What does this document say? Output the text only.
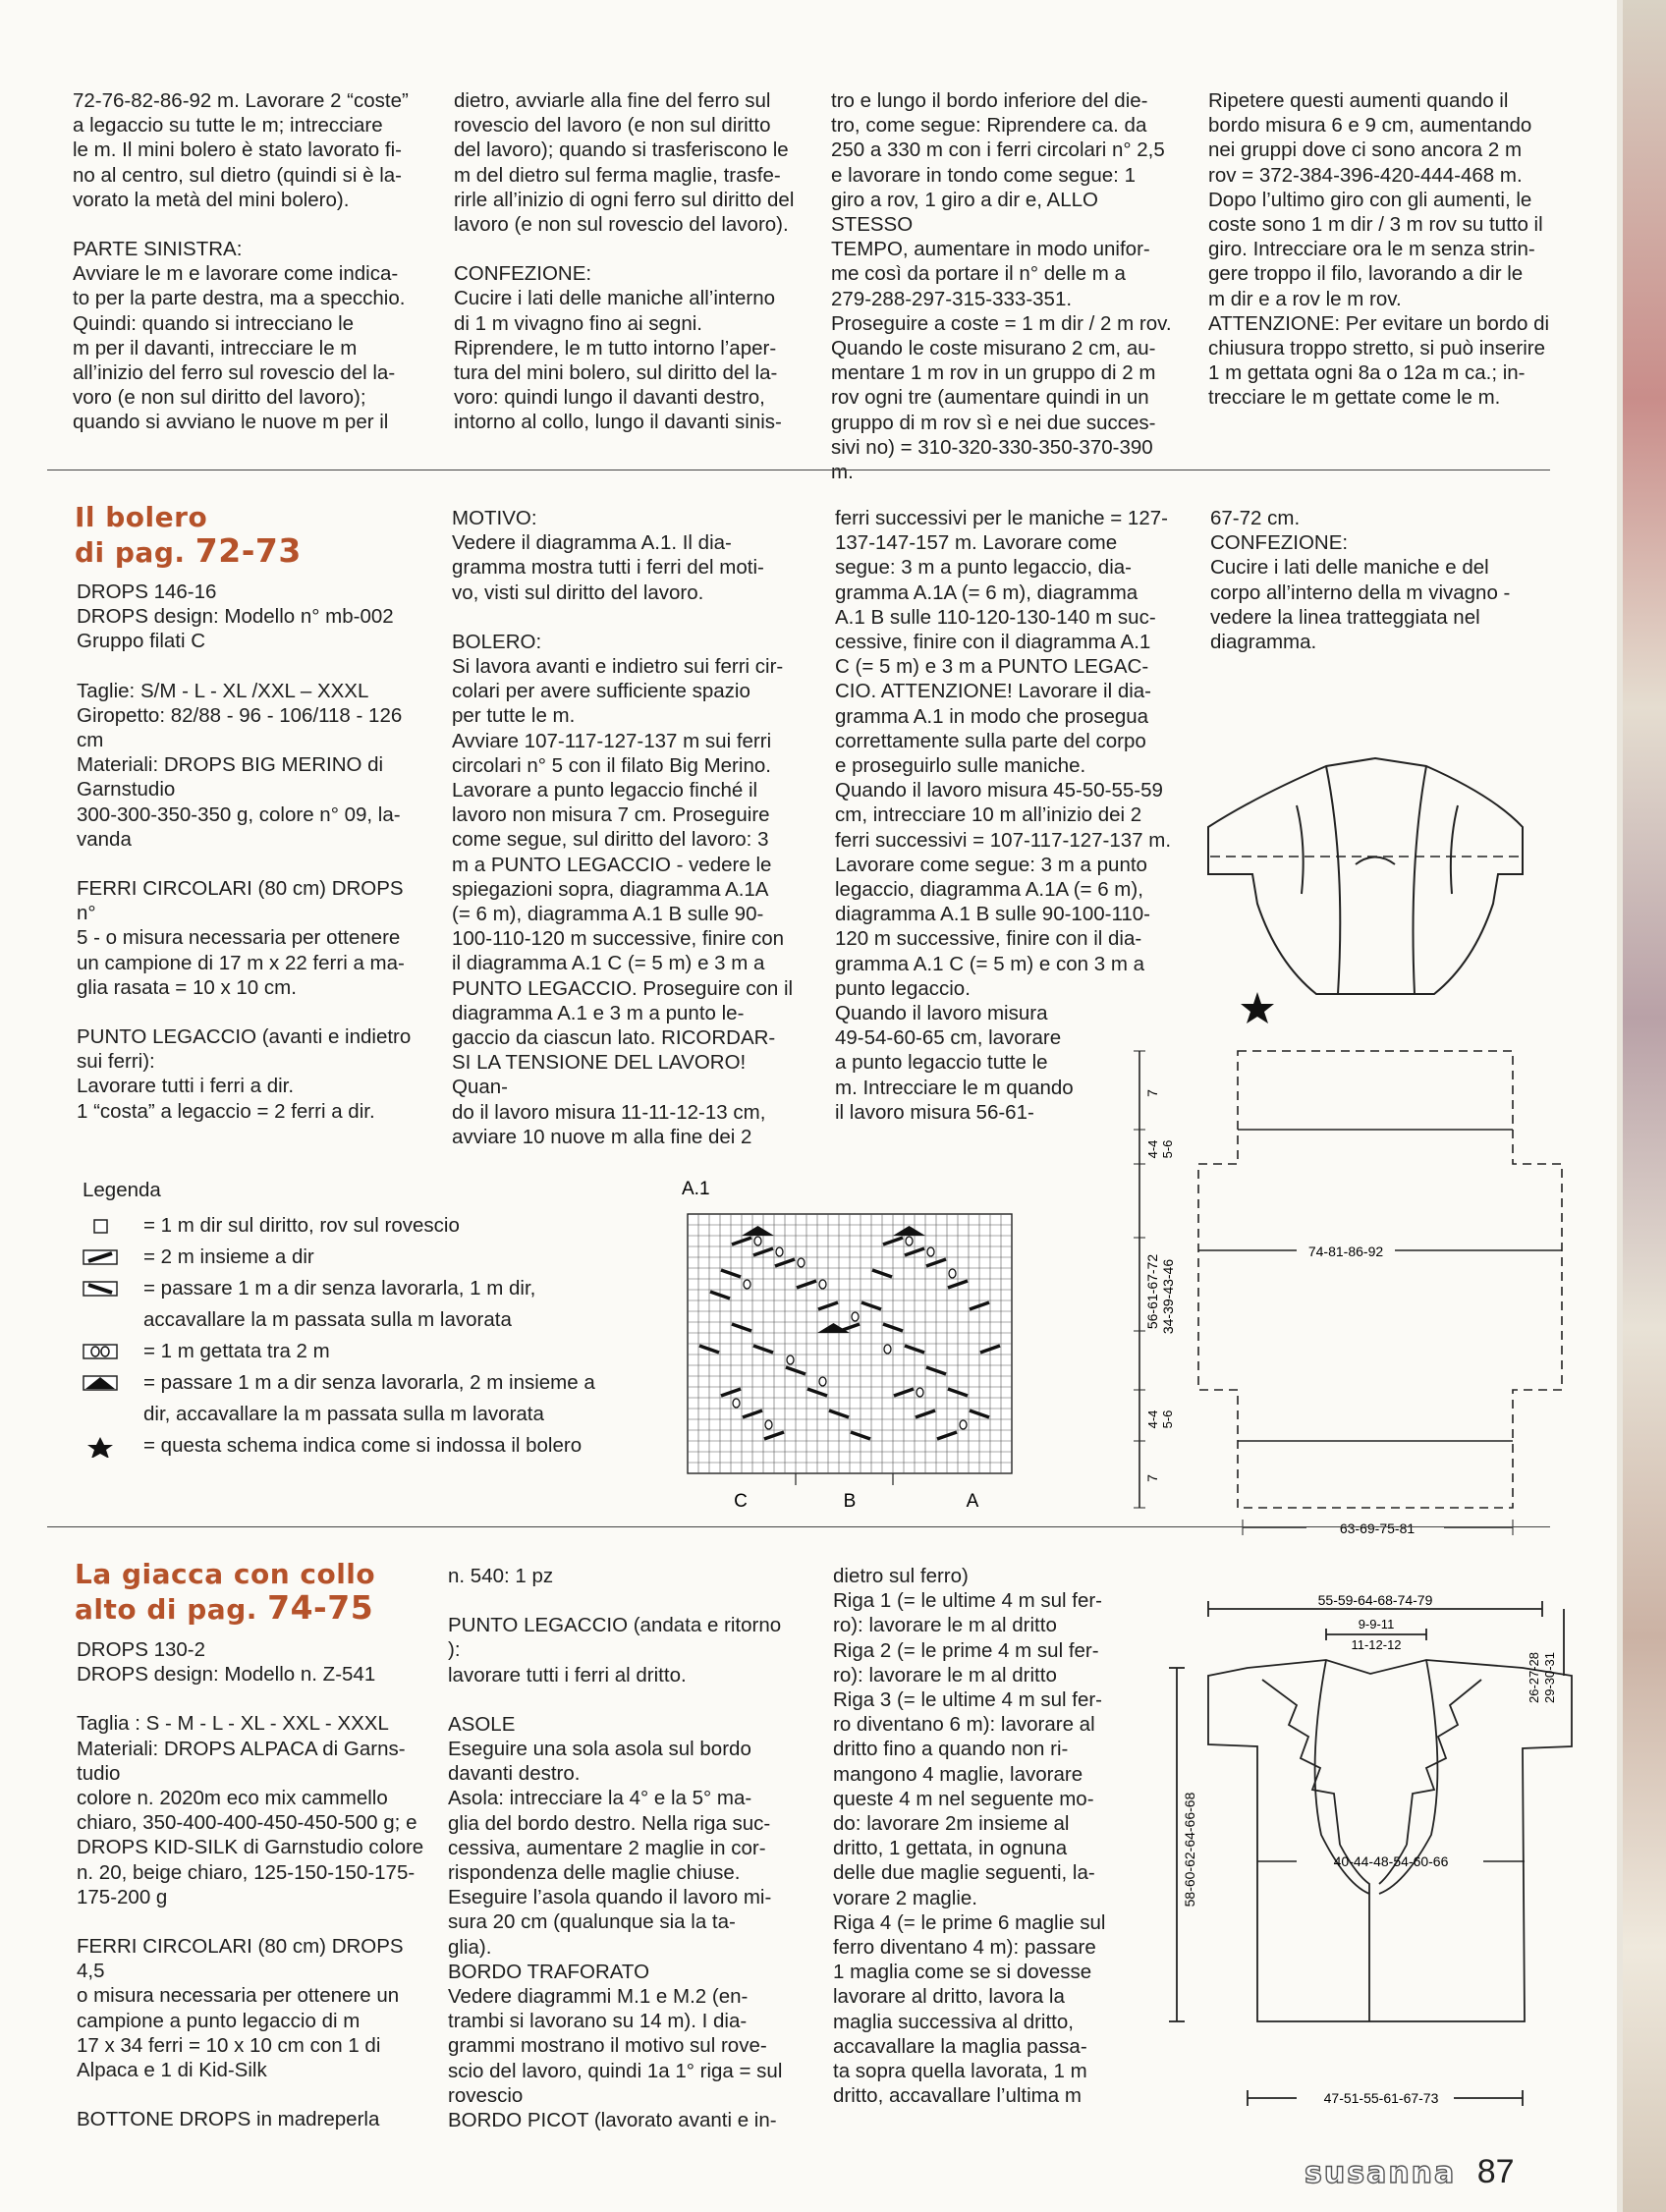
72-76-82-86-92 m. Lavorare 2 “coste”

a legaccio su tutte le m; intrecciare

le m. Il mini bolero è stato lavorato fi-

no al centro, sul dietro (quindi si è la-

vorato la metà del mini bolero).

PARTE SINISTRA:

Avviare le m e lavorare come indica-

to per la parte destra, ma a specchio.

Quindi: quando si intrecciano le

m per il davanti, intrecciare le m

all’inizio del ferro sul rovescio del la-

voro (e non sul diritto del lavoro);

quando si avviano le nuove m per il

dietro, avviarle alla fine del ferro sul

rovescio del lavoro (e non sul diritto

del lavoro); quando si trasferiscono le

m del dietro sul ferma maglie, trasfe-

rirle all’inizio di ogni ferro sul diritto del

lavoro (e non sul rovescio del lavoro).

CONFEZIONE:

Cucire i lati delle maniche all’interno

di 1 m vivagno fino ai segni.

Riprendere, le m tutto intorno l’aper-

tura del mini bolero, sul diritto del la-

voro: quindi lungo il davanti destro,

intorno al collo, lungo il davanti sinis-

tro e lungo il bordo inferiore del die-

tro, come segue: Riprendere ca. da

250 a 330 m con i ferri circolari n° 2,5

e lavorare in tondo come segue: 1

giro a rov, 1 giro a dir e, ALLO STESSO

TEMPO, aumentare in modo unifor-

me così da portare il n° delle m a

279-288-297-315-333-351.

Proseguire a coste = 1 m dir / 2 m rov.

Quando le coste misurano 2 cm, au-

mentare 1 m rov in un gruppo di 2 m

rov ogni tre (aumentare quindi in un

gruppo di m rov sì e nei due succes-

sivi no) = 310-320-330-350-370-390 m.

Ripetere questi aumenti quando il

bordo misura 6 e 9 cm, aumentando

nei gruppi dove ci sono ancora 2 m

rov = 372-384-396-420-444-468 m.

Dopo l’ultimo giro con gli aumenti, le

coste sono 1 m dir / 3 m rov su tutto il

giro. Intrecciare ora le m senza strin-

gere troppo il filo, lavorando a dir le

m dir e a rov le m rov.

ATTENZIONE: Per evitare un bordo di

chiusura troppo stretto, si può inserire

1 m gettata ogni 8a o 12a m ca.; in-

trecciare le m gettate come le m.

Il bolero
di pag. 72-73

DROPS 146-16

DROPS design: Modello n° mb-002

Gruppo filati C

Taglie: S/M - L - XL /XXL – XXXL

Giropetto: 82/88 - 96 - 106/118 - 126

cm

Materiali: DROPS BIG MERINO di

Garnstudio

300-300-350-350 g, colore n° 09, la-

vanda

FERRI CIRCOLARI (80 cm) DROPS n°

5 - o misura necessaria per ottenere

un campione di 17 m x 22 ferri a ma-

glia rasata = 10 x 10 cm.

PUNTO LEGACCIO (avanti e indietro

sui ferri):

Lavorare tutti i ferri a dir.

1 “costa” a legaccio = 2 ferri a dir.

MOTIVO:

Vedere il diagramma A.1. Il dia-

gramma mostra tutti i ferri del moti-

vo, visti sul diritto del lavoro.

BOLERO:

Si lavora avanti e indietro sui ferri cir-

colari per avere sufficiente spazio

per tutte le m.

Avviare 107-117-127-137 m sui ferri

circolari n° 5 con il filato Big Merino.

Lavorare a punto legaccio finché il

lavoro non misura 7 cm. Proseguire

come segue, sul diritto del lavoro: 3

m a PUNTO LEGACCIO - vedere le

spiegazioni sopra, diagramma A.1A

(= 6 m), diagramma A.1 B sulle 90-

100-110-120 m successive, finire con

il diagramma A.1 C (= 5 m) e 3 m a

PUNTO LEGACCIO. Proseguire con il

diagramma A.1 e 3 m a punto le-

gaccio da ciascun lato. RICORDAR-

SI LA TENSIONE DEL LAVORO! Quan-

do il lavoro misura 11-11-12-13 cm,

avviare 10 nuove m alla fine dei 2

ferri successivi per le maniche = 127-

137-147-157 m. Lavorare come

segue: 3 m a punto legaccio, dia-

gramma A.1A (= 6 m), diagramma

A.1 B sulle 110-120-130-140 m suc-

cessive, finire con il diagramma A.1

C (= 5 m) e 3 m a PUNTO LEGAC-

CIO. ATTENZIONE! Lavorare il dia-

gramma A.1 in modo che prosegua

correttamente sulla parte del corpo

e proseguirlo sulle maniche.

Quando il lavoro misura 45-50-55-59

cm, intrecciare 10 m all’inizio dei 2

ferri successivi = 107-117-127-137 m.

Lavorare come segue: 3 m a punto

legaccio, diagramma A.1A (= 6 m),

diagramma A.1 B sulle 90-100-110-

120 m successive, finire con il dia-

gramma A.1 C (= 5 m) e con 3 m a

punto legaccio.

Quando il lavoro misura

49-54-60-65 cm, lavorare

a punto legaccio tutte le

m. Intrecciare le m quando

il lavoro misura 56-61-

67-72 cm.

CONFEZIONE:

Cucire i lati delle maniche e del

corpo all’interno della m vivagno -

vedere la linea tratteggiata nel

diagramma.

74-81-86-92
63-69-75-81
56-61-67-72 34-39-43-46
7
4-4 5-6
4-4 5-6
7
Legenda
= 1 m dir sul diritto, rov sul rovescio
= 2 m insieme a dir
= passare 1 m a dir senza lavorarla, 1 m dir,
accavallare la m passata sulla m lavorata
= 1 m gettata tra 2 m
= passare 1 m a dir senza lavorarla, 2 m insieme a
dir, accavallare la m passata sulla m lavorata
= questa schema indica come si indossa il bolero
A.1
C	B	A
La giacca con collo
alto di pag. 74-75

DROPS 130-2

DROPS design: Modello n. Z-541

Taglia : S - M - L - XL - XXL - XXXL

Materiali: DROPS ALPACA di Garns-

tudio

colore n. 2020m eco mix cammello

chiaro, 350-400-400-450-450-500 g; e

DROPS KID-SILK di Garnstudio colore

n. 20, beige chiaro, 125-150-150-175-

175-200 g

FERRI CIRCOLARI (80 cm) DROPS 4,5

o misura necessaria per ottenere un

campione a punto legaccio di m

17 x 34 ferri = 10 x 10 cm con 1 di

Alpaca e 1 di Kid-Silk

BOTTONE DROPS in madreperla

n. 540: 1 pz

PUNTO LEGACCIO (andata e ritorno ):

lavorare tutti i ferri al dritto.

ASOLE

Eseguire una sola asola sul bordo

davanti destro.

Asola: intrecciare la 4° e la 5° ma-

glia del bordo destro. Nella riga suc-

cessiva, aumentare 2 maglie in cor-

rispondenza delle maglie chiuse.

Eseguire l’asola quando il lavoro mi-

sura 20 cm (qualunque sia la ta-

glia).

BORDO TRAFORATO

Vedere diagrammi M.1 e M.2 (en-

trambi si lavorano su 14 m). I dia-

grammi mostrano il motivo sul rove-

scio del lavoro, quindi 1a 1° riga = sul

rovescio

BORDO PICOT (lavorato avanti e in-

dietro sul ferro)

Riga 1 (= le ultime 4 m sul fer-

ro): lavorare le m al dritto

Riga 2 (= le prime 4 m sul fer-

ro): lavorare le m al dritto

Riga 3 (= le ultime 4 m sul fer-

ro diventano 6 m): lavorare al

dritto fino a quando non ri-

mangono 4 maglie, lavorare

queste 4 m nel seguente mo-

do: lavorare 2m insieme al

dritto, 1 gettata, in ognuna

delle due maglie seguenti, la-

vorare 2 maglie.

Riga 4 (= le prime 6 maglie sul

ferro diventano 4 m): passare

1 maglia come se si dovesse

lavorare al dritto, lavora la

maglia successiva al dritto,

accavallare la maglia passa-

ta sopra quella lavorata, 1 m

dritto, accavallare l’ultima m

55-59-64-68-74-79
9-9-11
11-12-12
40-44-48-54-60-66
58-60-62-64-66-68
26-27-28 29-30-31
47-51-55-61-67-73
susanna 87
